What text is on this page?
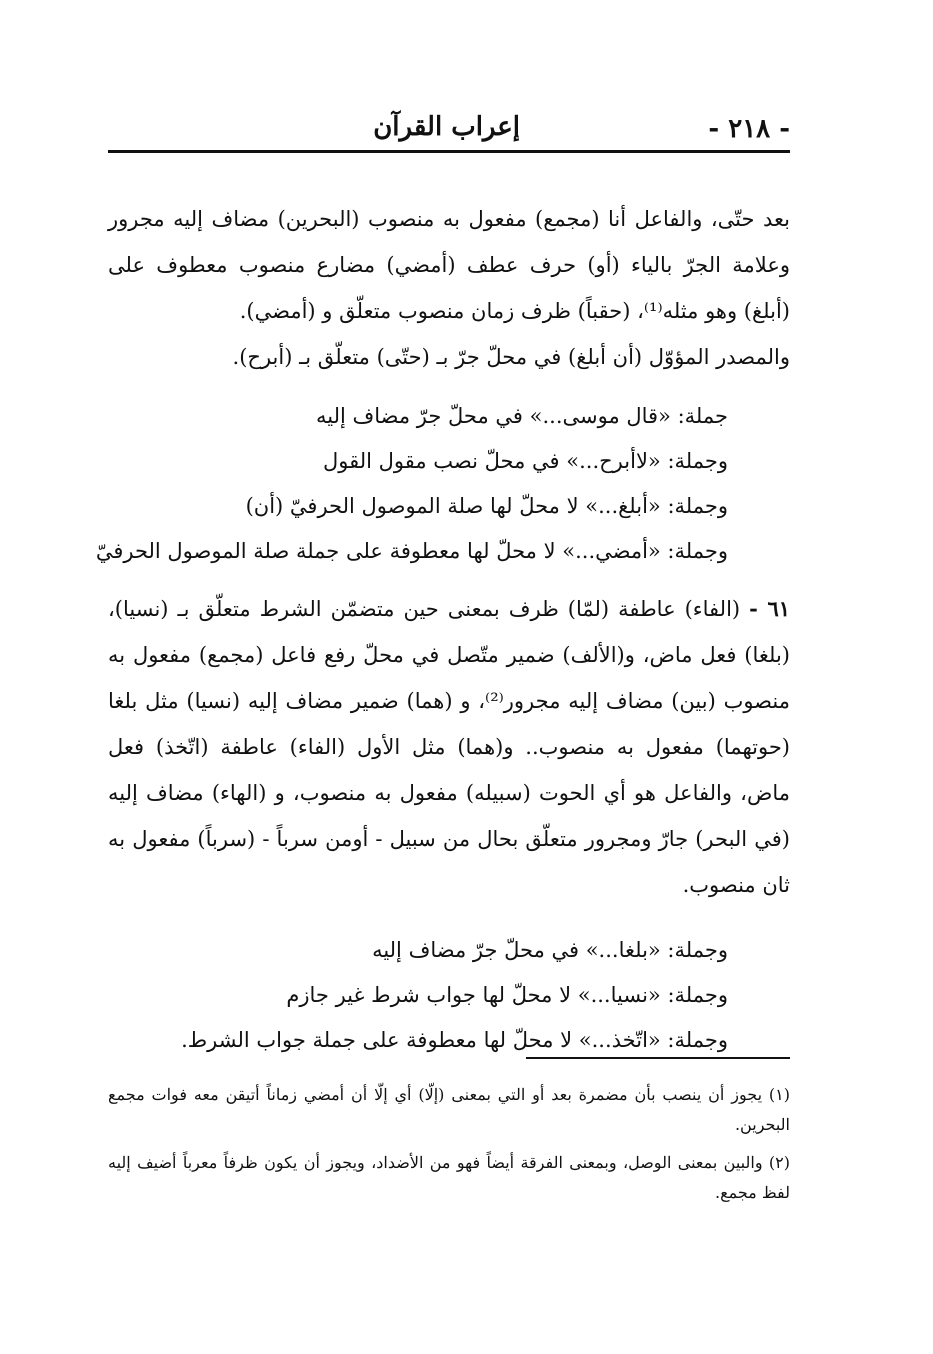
- ٢١٨ -
إعراب القرآن

بعد حتّى، والفاعل أنا (مجمع) مفعول به منصوب (البحرين) مضاف إليه مجرور وعلامة الجرّ بالياء (أو) حرف عطف (أمضي) مضارع منصوب معطوف على (أبلغ) وهو مثله⁽¹⁾، (حقباً) ظرف زمان منصوب متعلّق و (أمضي).

والمصدر المؤوّل (أن أبلغ) في محلّ جرّ بـ (حتّى) متعلّق بـ (أبرح).

جملة: «قال موسى...» في محلّ جرّ مضاف إليه

وجملة: «لاأبرح...» في محلّ نصب مقول القول

وجملة: «أبلغ...» لا محلّ لها صلة الموصول الحرفيّ (أن)

وجملة: «أمضي...» لا محلّ لها معطوفة على جملة صلة الموصول الحرفيّ

٦١ - (الفاء) عاطفة (لمّا) ظرف بمعنى حين متضمّن الشرط متعلّق بـ (نسيا)، (بلغا) فعل ماض، و(الألف) ضمير متّصل في محلّ رفع فاعل (مجمع) مفعول به منصوب (بين) مضاف إليه مجرور⁽²⁾، و (هما) ضمير مضاف إليه (نسيا) مثل بلغا (حوتهما) مفعول به منصوب.. و(هما) مثل الأول (الفاء) عاطفة (اتّخذ) فعل ماض، والفاعل هو أي الحوت (سبيله) مفعول به منصوب، و (الهاء) مضاف إليه (في البحر) جارّ ومجرور متعلّق بحال من سبيل - أومن سرباً - (سرباً) مفعول به ثان منصوب.

وجملة: «بلغا...» في محلّ جرّ مضاف إليه

وجملة: «نسيا...» لا محلّ لها جواب شرط غير جازم

وجملة: «اتّخذ...» لا محلّ لها معطوفة على جملة جواب الشرط.

(١) يجوز أن ينصب بأن مضمرة بعد أو التي بمعنى (إلّا) أي إلّا أن أمضي زماناً أتيقن معه فوات مجمع البحرين.

(٢) والبين بمعنى الوصل، وبمعنى الفرقة أيضاً فهو من الأضداد، ويجوز أن يكون ظرفاً معرباً أضيف إليه لفظ مجمع.
